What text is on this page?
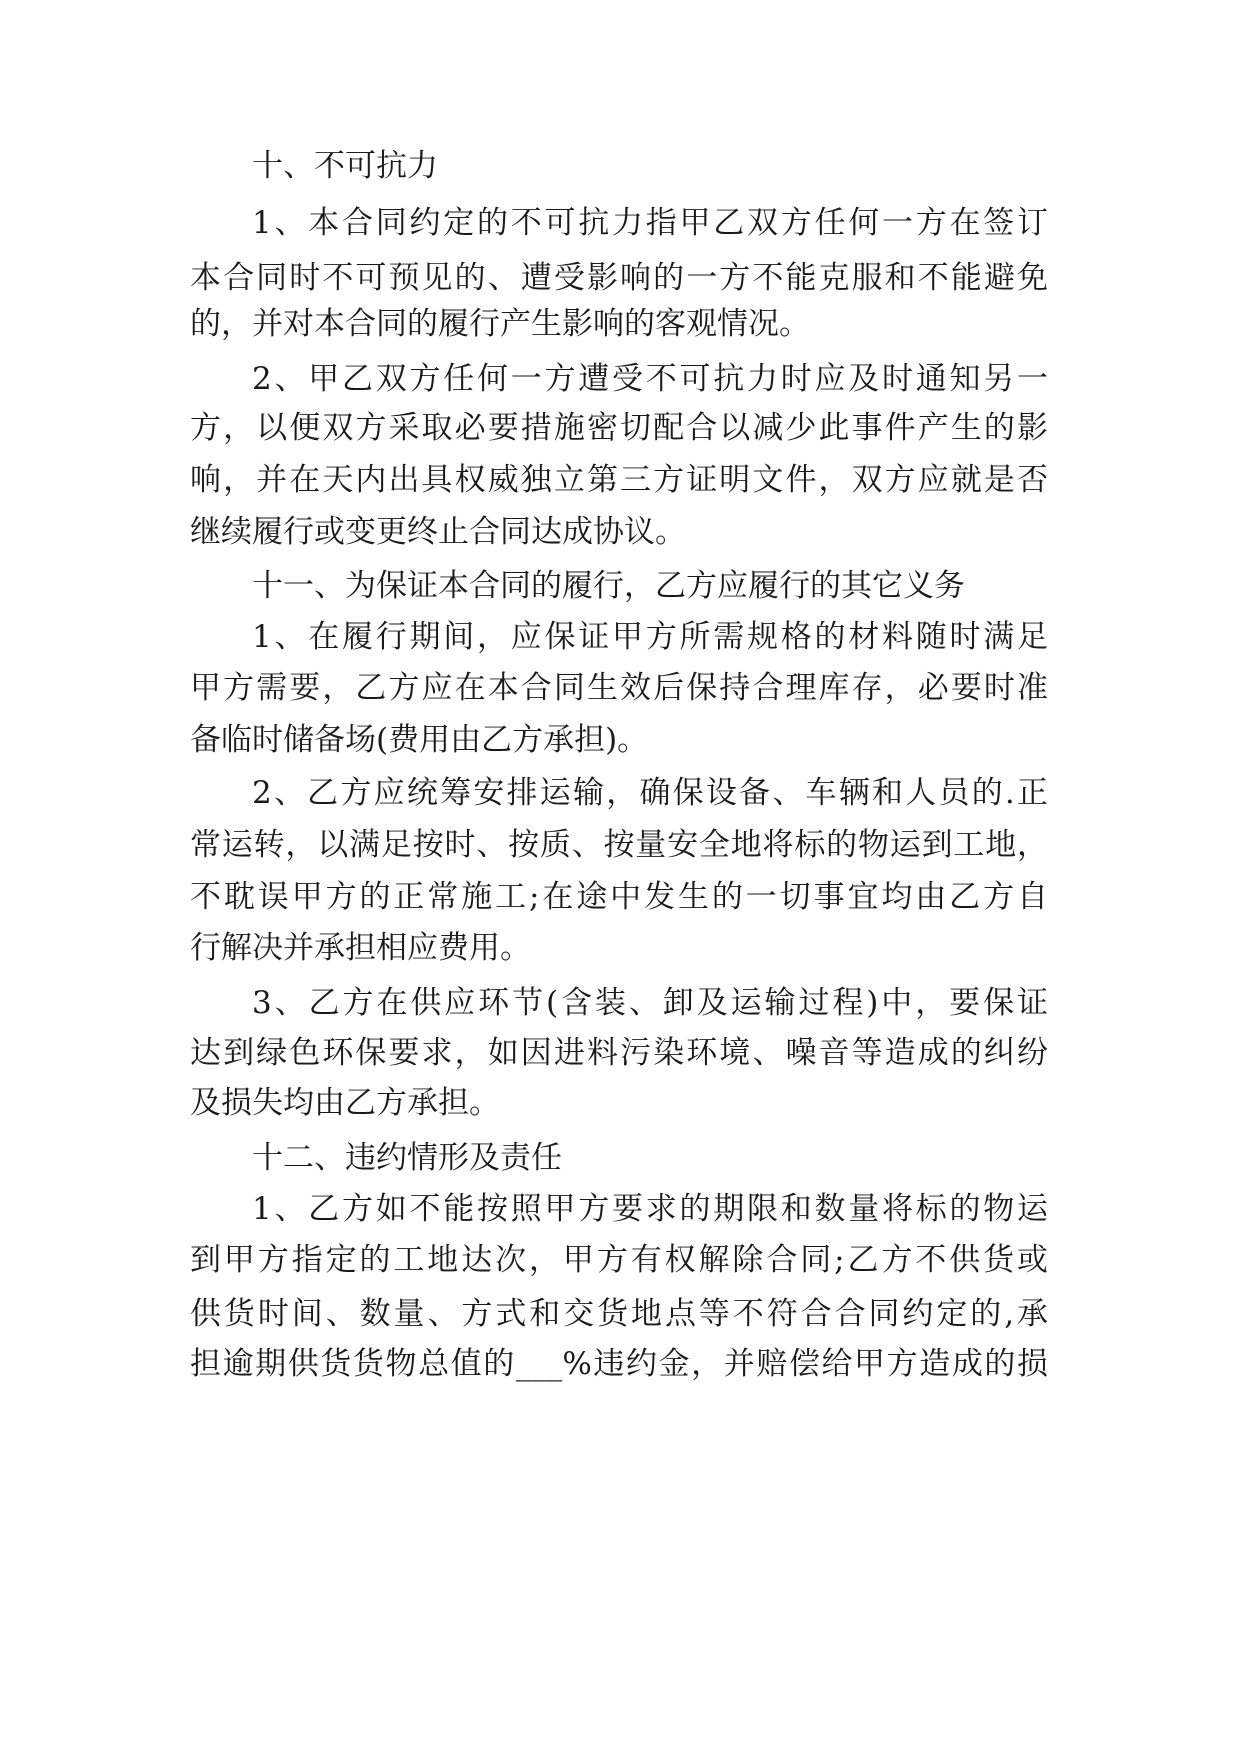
十、不可抗力
1、本合同约定的不可抗力指甲乙双方任何一方在签订
本合同时不可预见的、遭受影响的一方不能克服和不能避免
的，并对本合同的履行产生影响的客观情况。
2、甲乙双方任何一方遭受不可抗力时应及时通知另一
方，以便双方采取必要措施密切配合以减少此事件产生的影
响，并在天内出具权威独立第三方证明文件，双方应就是否
继续履行或变更终止合同达成协议。
十一、为保证本合同的履行，乙方应履行的其它义务
1、在履行期间，应保证甲方所需规格的材料随时满足
甲方需要，乙方应在本合同生效后保持合理库存，必要时准
备临时储备场(费用由乙方承担)。
2、乙方应统筹安排运输，确保设备、车辆和人员的.正
常运转，以满足按时、按质、按量安全地将标的物运到工地，
不耽误甲方的正常施工;在途中发生的一切事宜均由乙方自
行解决并承担相应费用。
3、乙方在供应环节(含装、卸及运输过程)中，要保证
达到绿色环保要求，如因进料污染环境、噪音等造成的纠纷
及损失均由乙方承担。
十二、违约情形及责任
1、乙方如不能按照甲方要求的期限和数量将标的物运
到甲方指定的工地达次，甲方有权解除合同;乙方不供货或
供货时间、数量、方式和交货地点等不符合合同约定的,承
担逾期供货货物总值的___%违约金，并赔偿给甲方造成的损
